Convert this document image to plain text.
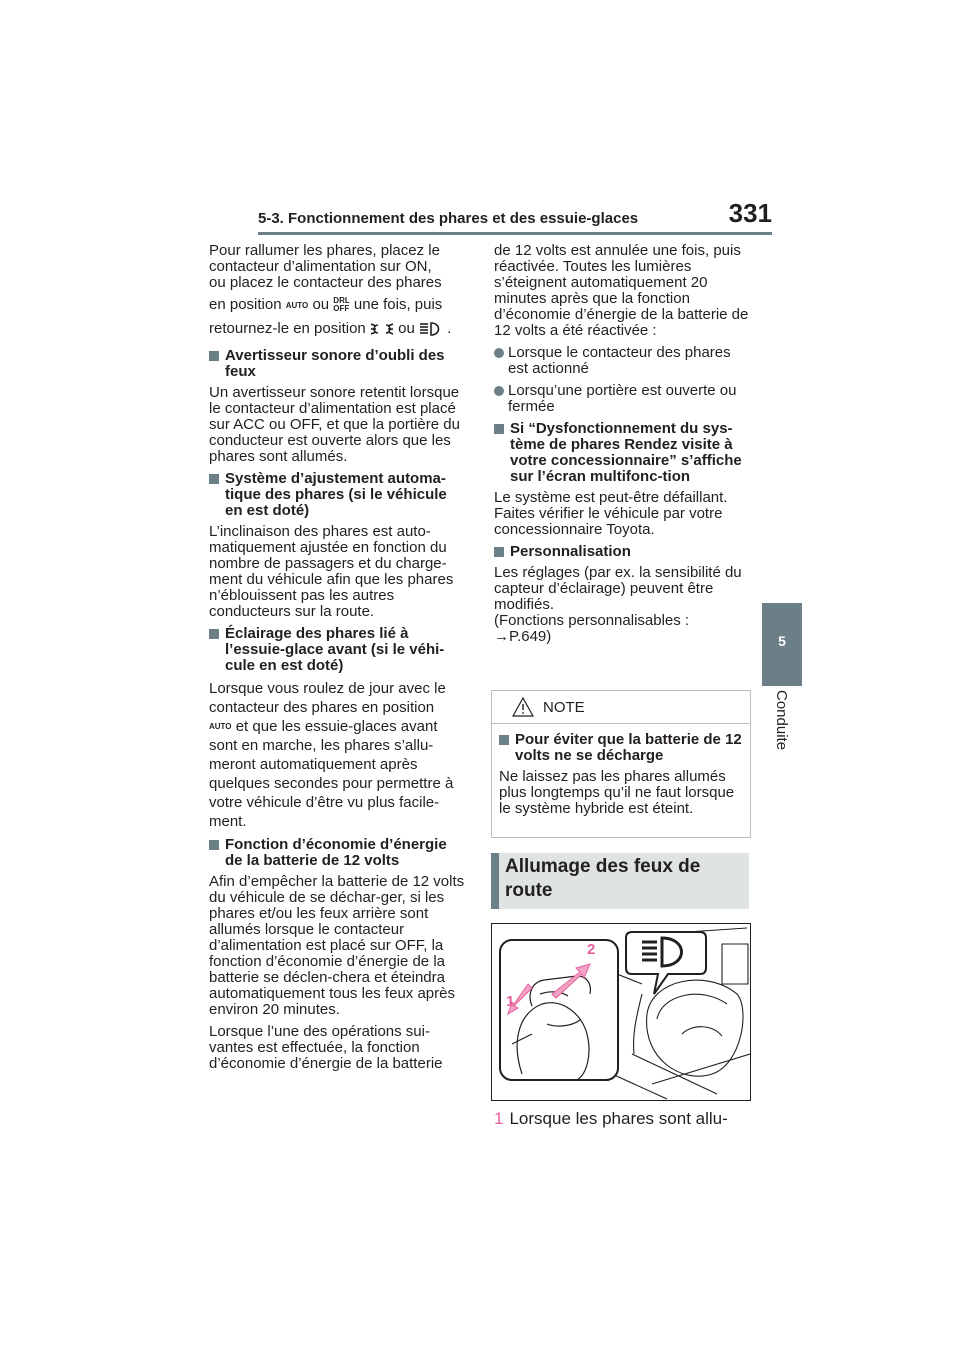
5-3. Fonctionnement des phares et des essuie-glaces	331
5
Conduite
Pour rallumer les phares, placez le
contacteur d’alimentation sur ON,
ou placez le contacteur des phares
en position AUTO ou DRL
OFF une fois, puis
retournez-le en position ou .
Avertisseur sonore d’oubli des feux

Un avertisseur sonore retentit lorsque le contacteur d’alimentation est placé sur ACC ou OFF, et que la portière du conducteur est ouverte alors que les phares sont allumés.

Système d’ajustement automa-tique des phares (si le véhicule en est doté)

L’inclinaison des phares est auto-matiquement ajustée en fonction du nombre de passagers et du charge-ment du véhicule afin que les phares n’éblouissent pas les autres conducteurs sur la route.

Éclairage des phares lié à l’essuie-glace avant (si le véhi-cule en est doté)

Lorsque vous roulez de jour avec le contacteur des phares en position
AUTO et que les essuie-glaces avant sont en marche, les phares s’allu-meront automatiquement après quelques secondes pour permettre à votre véhicule d’être vu plus facile-ment.

Fonction d’économie d’énergie de la batterie de 12 volts

Afin d’empêcher la batterie de 12 volts du véhicule de se déchar-ger, si les phares et/ou les feux arrière sont allumés lorsque le contacteur d’alimentation est placé sur OFF, la fonction d’économie d’énergie de la batterie se déclen-chera et éteindra automatiquement tous les feux après environ 20 minutes.

Lorsque l’une des opérations sui-vantes est effectuée, la fonction d’économie d’énergie de la batterie

de 12 volts est annulée une fois, puis réactivée. Toutes les lumières s’éteignent automatiquement 20 minutes après que la fonction d’économie d’énergie de la batterie de 12 volts a été réactivée :

Lorsque le contacteur des phares est actionné
Lorsqu’une portière est ouverte ou fermée
Si “Dysfonctionnement du sys-tème de phares Rendez visite à votre concessionnaire” s’affiche sur l’écran multifonc-tion

Le système est peut-être défaillant. Faites vérifier le véhicule par votre concessionnaire Toyota.

Personnalisation
Les réglages (par ex. la sensibilité du capteur d’éclairage) peuvent être modifiés.
(Fonctions personnalisables :
→P.649)
NOTE
Pour éviter que la batterie de 12 volts ne se décharge
Ne laissez pas les phares allumés plus longtemps qu’il ne faut lorsque le système hybride est éteint.
Allumage des feux de route
2
1
1 Lorsque les phares sont allu-
